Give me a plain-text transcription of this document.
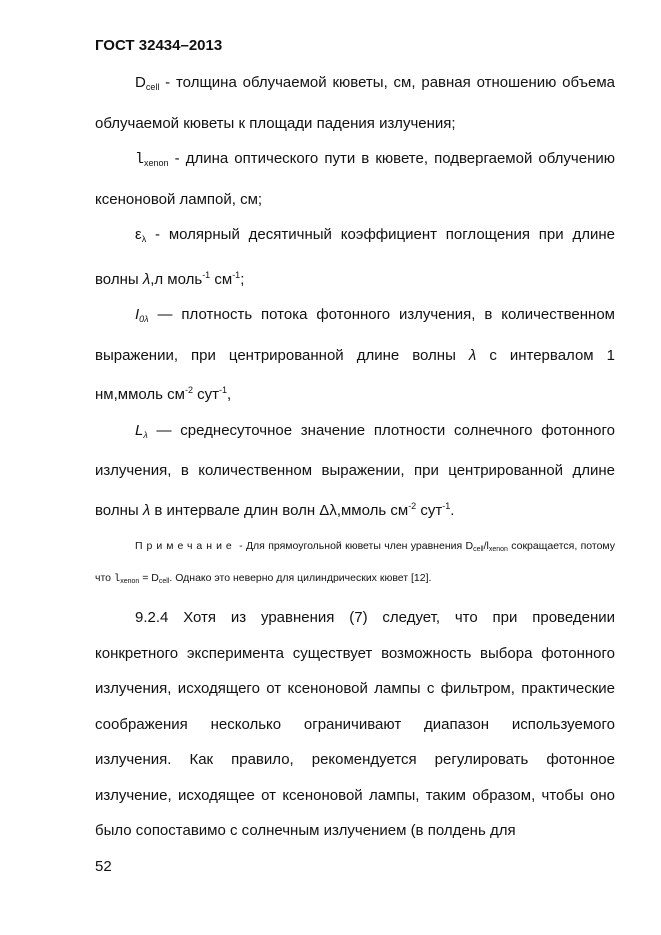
ГОСТ 32434–2013

$D_{cell}$ - толщина облучаемой кюветы, см, равная отношению объема облучаемой кюветы к площади падения излучения;

$l_{xenon}$ - длина оптического пути в кювете, подвергаемой облучению ксеноновой лампой, см;

$\varepsilon_\lambda$ - молярный десятичный коэффициент поглощения при длине волны λ,л моль$^{-1}$ $см^{-1}$;

$I_{0\lambda}$ — плотность потока фотонного излучения, в количественном выражении, при центрированной длине волны λ с интервалом 1 нм,ммоль $см^{-2}$ сут$^{-1}$,

$L_\lambda$ — среднесуточное значение плотности солнечного фотонного излучения, в количественном выражении, при центрированной длине волны λ в интервале длин волн Δλ,ммоль $см^{-2}$ сут$^{-1}$.

Примечание - Для прямоугольной кюветы член уравнения $D_{cell}/l_{xenon}$ сокращается, потому что $l_{xenon} = D_{cell}$. Однако это неверно для цилиндрических кювет [12].

9.2.4 Хотя из уравнения (7) следует, что при проведении конкретного эксперимента существует возможность выбора фотонного излучения, исходящего от ксеноновой лампы с фильтром, практические соображения несколько ограничивают диапазон используемого излучения. Как правило, рекомендуется регулировать фотонное излучение, исходящее от ксеноновой лампы, таким образом, чтобы оно было сопоставимо с солнечным излучением (в полдень для

52
